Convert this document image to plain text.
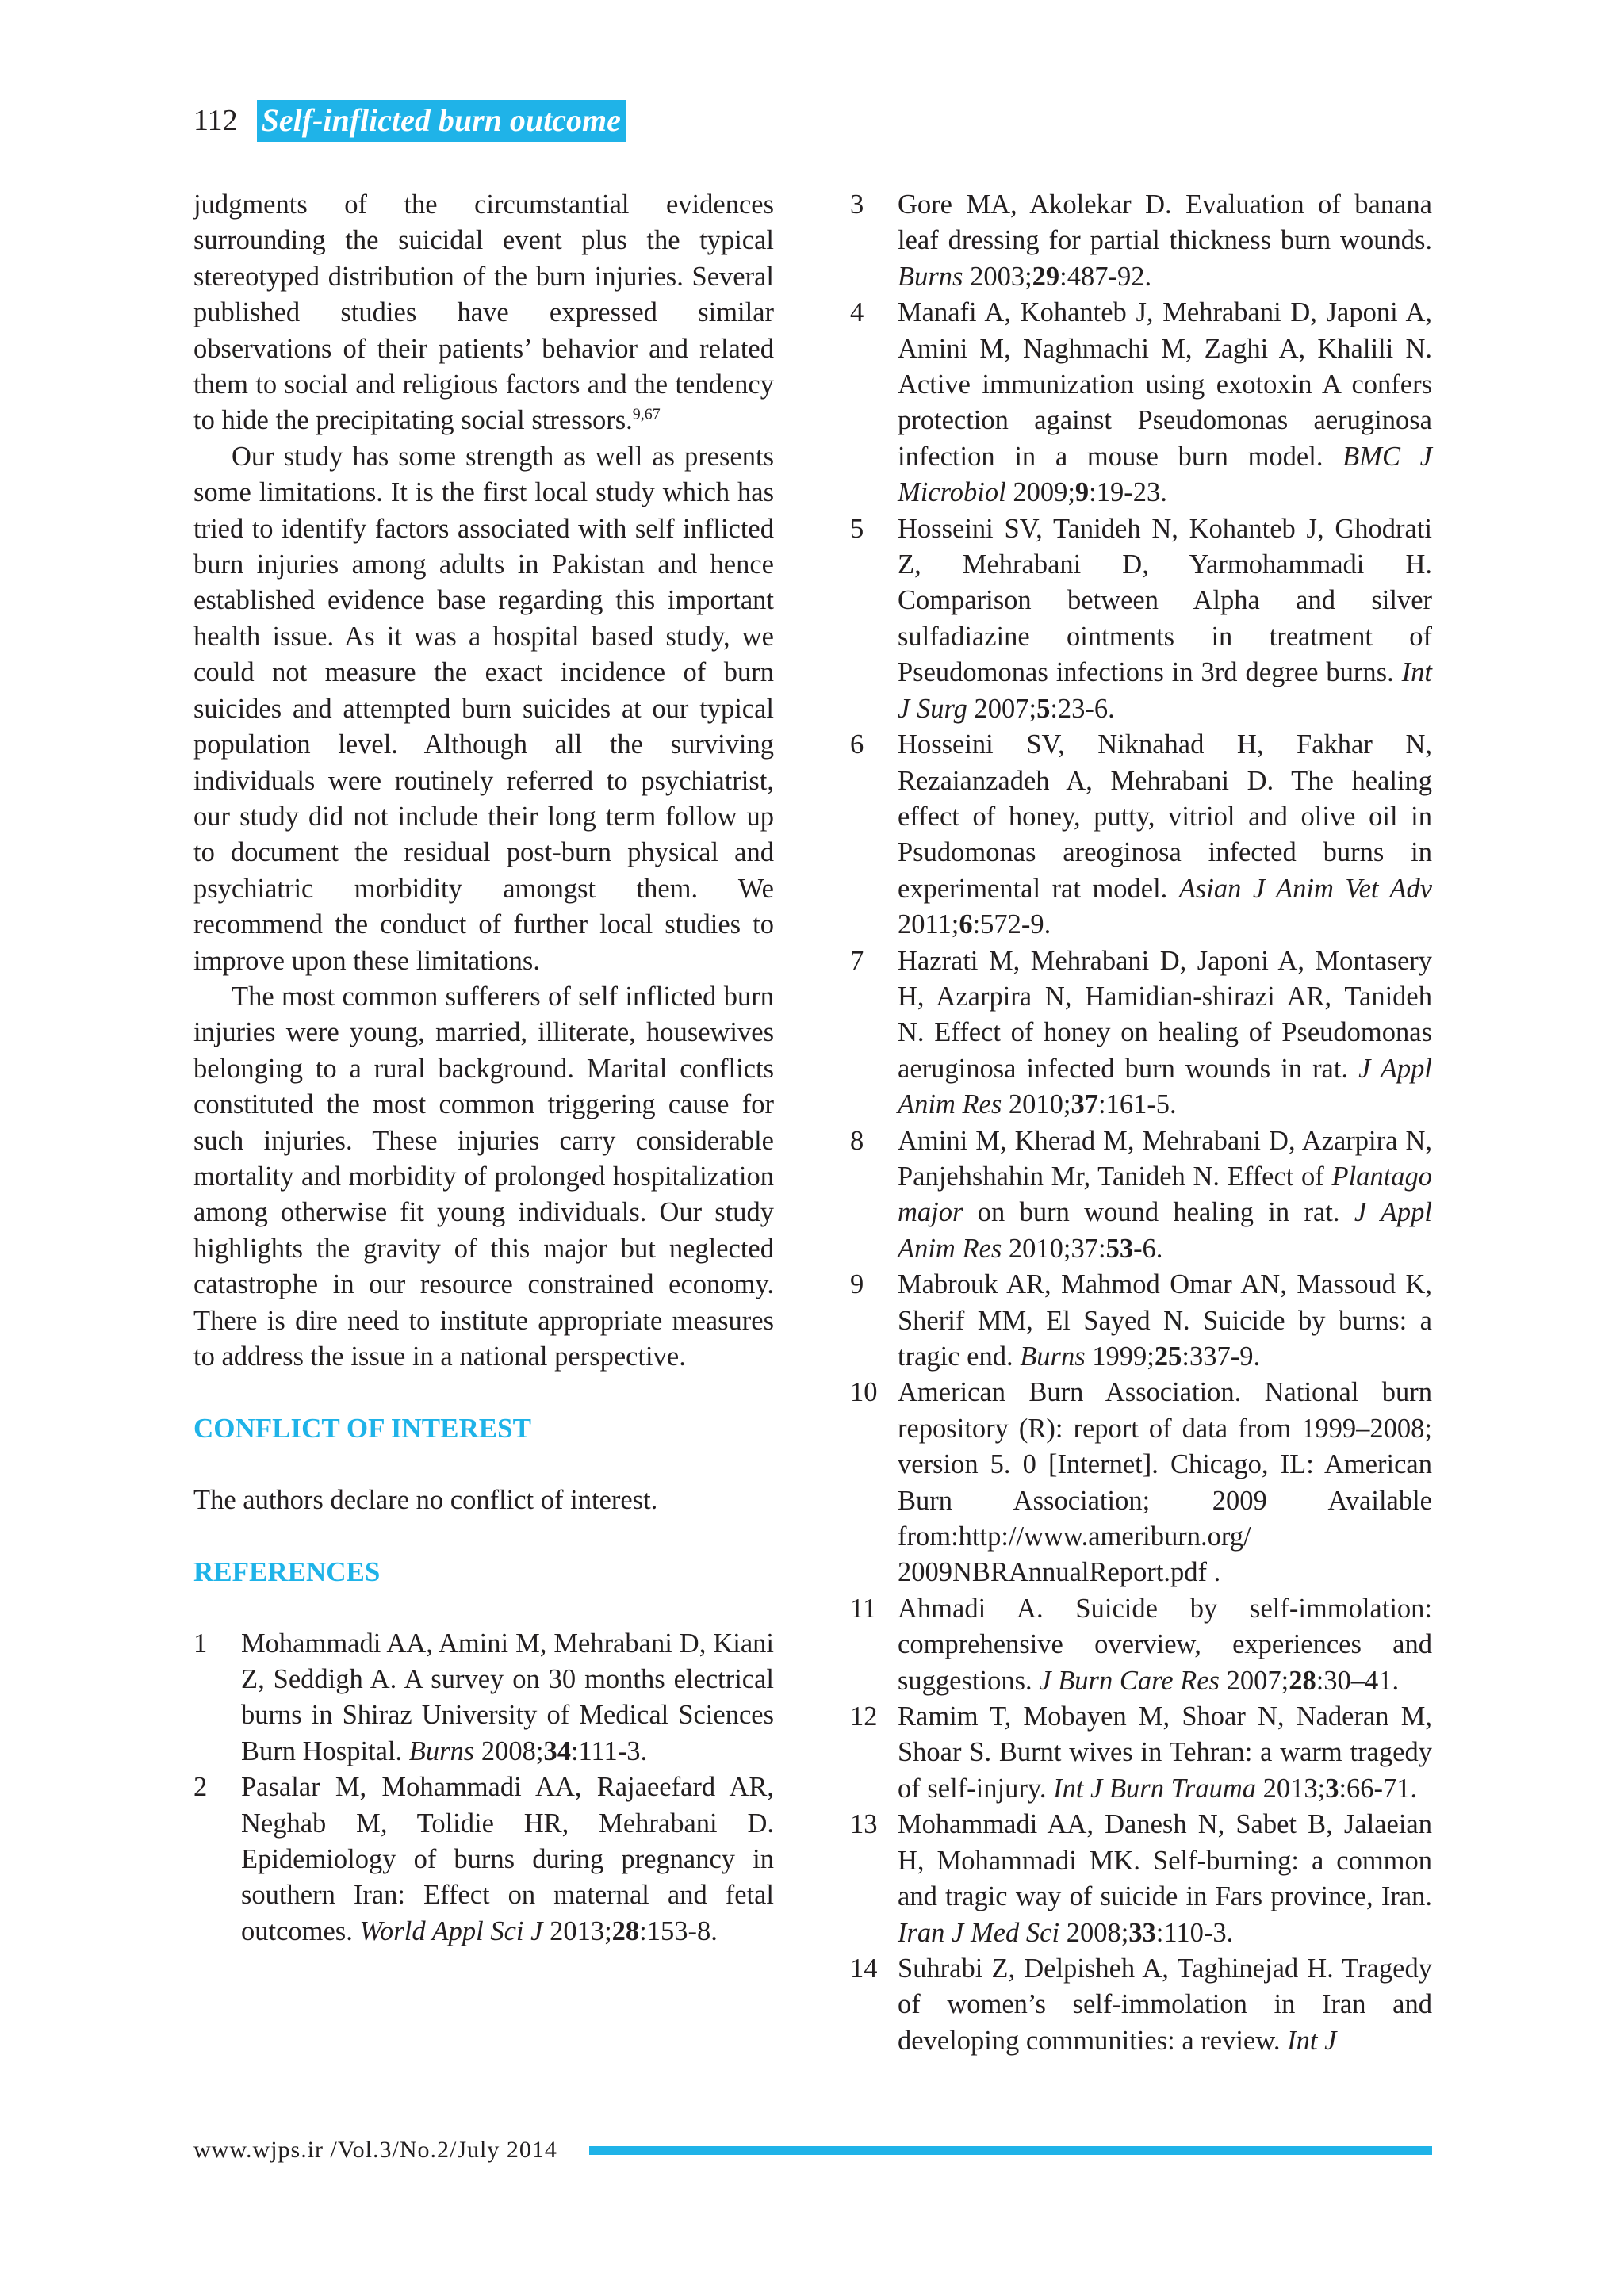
112 Self-inflicted burn outcome

judgments of the circumstantial evidences surrounding the suicidal event plus the typical stereotyped distribution of the burn injuries. Several published studies have expressed similar observations of their patients’ behavior and related them to social and religious factors and the tendency to hide the precipitating social stressors.$^{9,67}$

Our study has some strength as well as presents some limitations. It is the first local study which has tried to identify factors associated with self inflicted burn injuries among adults in Pakistan and hence established evidence base regarding this important health issue. As it was a hospital based study, we could not measure the exact incidence of burn suicides and attempted burn suicides at our typical population level. Although all the surviving individuals were routinely referred to psychiatrist, our study did not include their long term follow up to document the residual post-burn physical and psychiatric morbidity amongst them. We recommend the conduct of further local studies to improve upon these limitations.

The most common sufferers of self inflicted burn injuries were young, married, illiterate, housewives belonging to a rural background. Marital conflicts constituted the most common triggering cause for such injuries. These injuries carry considerable mortality and morbidity of prolonged hospitalization among otherwise fit young individuals. Our study highlights the gravity of this major but neglected catastrophe in our resource constrained economy. There is dire need to institute appropriate measures to address the issue in a national perspective.

CONFLICT OF INTEREST

The authors declare no conflict of interest.

REFERENCES

1	Mohammadi AA, Amini M, Mehrabani D, Kiani Z, Seddigh A. A survey on 30 months electrical burns in Shiraz University of Medical Sciences Burn Hospital. Burns 2008;34:111-3.
2	Pasalar M, Mohammadi AA, Rajaeefard AR, Neghab M, Tolidie HR, Mehrabani D. Epidemiology of burns during pregnancy in southern Iran: Effect on maternal and fetal outcomes. World Appl Sci J 2013;28:153-8.
3	Gore MA, Akolekar D. Evaluation of banana leaf dressing for partial thickness burn wounds. Burns 2003;29:487-92.
4	Manafi A, Kohanteb J, Mehrabani D, Japoni A, Amini M, Naghmachi M, Zaghi A, Khalili N. Active immunization using exotoxin A confers protection against Pseudomonas aeruginosa infection in a mouse burn model. BMC J Microbiol 2009;9:19-23.
5	Hosseini SV, Tanideh N, Kohanteb J, Ghodrati Z, Mehrabani D, Yarmohammadi H. Comparison between Alpha and silver sulfadiazine ointments in treatment of Pseudomonas infections in 3rd degree burns. Int J Surg 2007;5:23-6.
6	Hosseini SV, Niknahad H, Fakhar N, Rezaianzadeh A, Mehrabani D. The healing effect of honey, putty, vitriol and olive oil in Psudomonas areoginosa infected burns in experimental rat model. Asian J Anim Vet Adv 2011;6:572-9.
7	Hazrati M, Mehrabani D, Japoni A, Montasery H, Azarpira N, Hamidian-shirazi AR, Tanideh N. Effect of honey on healing of Pseudomonas aeruginosa infected burn wounds in rat. J Appl Anim Res 2010;37:161-5.
8	Amini M, Kherad M, Mehrabani D, Azarpira N, Panjehshahin Mr, Tanideh N. Effect of Plantago major on burn wound healing in rat. J Appl Anim Res 2010;37:53-6.
9	Mabrouk AR, Mahmod Omar AN, Massoud K, Sherif MM, El Sayed N. Suicide by burns: a tragic end. Burns 1999;25:337-9.
10 American Burn Association. National burn repository (R): report of data from 1999–2008; version 5. 0 [Internet]. Chicago, IL: American Burn Association; 2009 Available from:http://www.ameriburn.org/ 2009NBRAnnualReport.pdf .
11 Ahmadi A. Suicide by self-immolation: comprehensive overview, experiences and suggestions. J Burn Care Res 2007;28:30–41.
12 Ramim T, Mobayen M, Shoar N, Naderan M, Shoar S. Burnt wives in Tehran: a warm tragedy of self-injury. Int J Burn Trauma 2013;3:66-71.
13 Mohammadi AA, Danesh N, Sabet B, Jalaeian H, Mohammadi MK. Self-burning: a common and tragic way of suicide in Fars province, Iran. Iran J Med Sci 2008;33:110-3.
14 Suhrabi Z, Delpisheh A, Taghinejad H. Tragedy of women’s self-immolation in Iran and developing communities: a review. Int J
www.wjps.ir /Vol.3/No.2/July 2014
